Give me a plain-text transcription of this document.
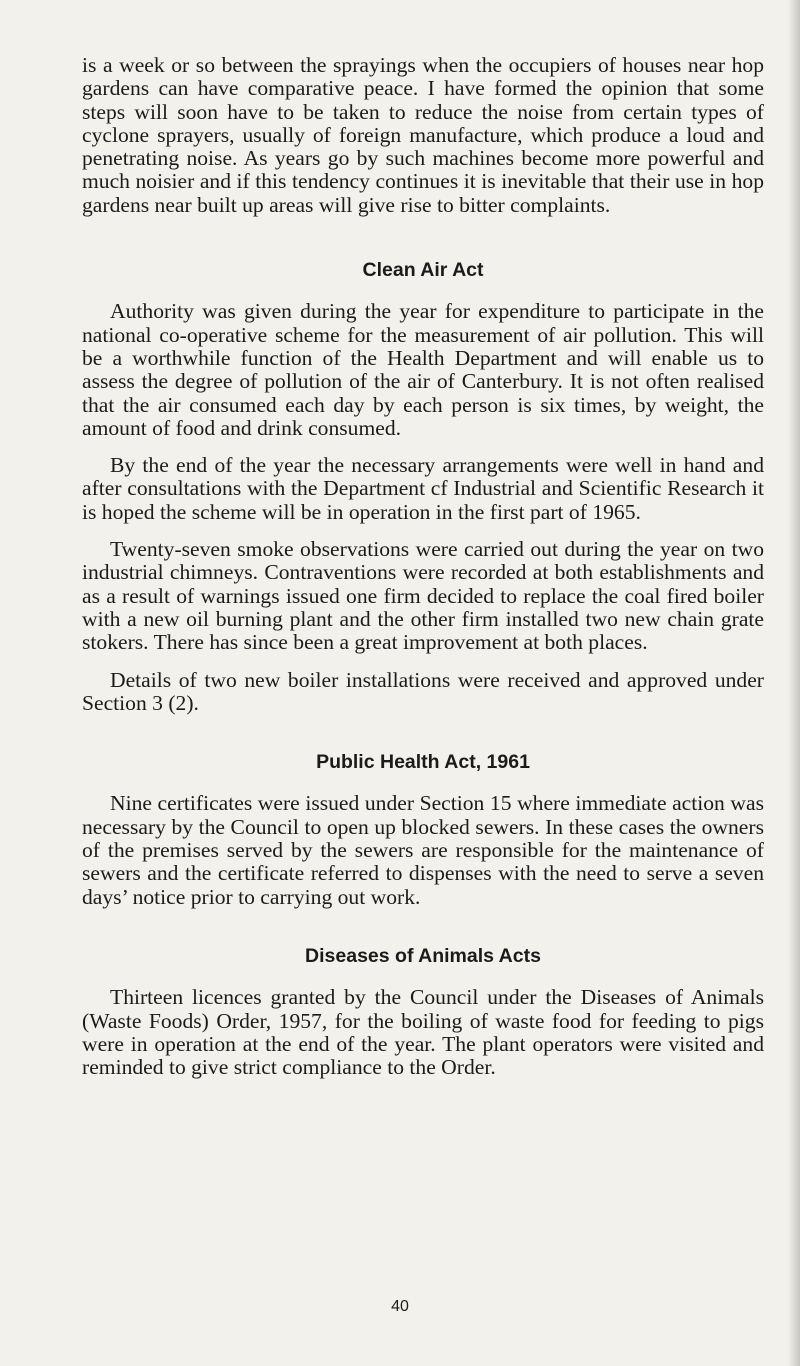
is a week or so between the sprayings when the occupiers of houses near hop gardens can have comparative peace. I have formed the opinion that some steps will soon have to be taken to reduce the noise from certain types of cyclone sprayers, usually of foreign manufacture, which produce a loud and penetrating noise. As years go by such machines become more powerful and much noisier and if this tendency continues it is inevitable that their use in hop gardens near built up areas will give rise to bitter complaints.

Clean Air Act

Authority was given during the year for expenditure to participate in the national co-operative scheme for the measurement of air pollution. This will be a worthwhile function of the Health Department and will enable us to assess the degree of pollution of the air of Canterbury. It is not often realised that the air consumed each day by each person is six times, by weight, the amount of food and drink consumed.

By the end of the year the necessary arrangements were well in hand and after consultations with the Department cf Industrial and Scientific Research it is hoped the scheme will be in operation in the first part of 1965.

Twenty-seven smoke observations were carried out during the year on two industrial chimneys. Contraventions were recorded at both establishments and as a result of warnings issued one firm decided to replace the coal fired boiler with a new oil burning plant and the other firm installed two new chain grate stokers. There has since been a great improvement at both places.

Details of two new boiler installations were received and approved under Section 3 (2).

Public Health Act, 1961

Nine certificates were issued under Section 15 where immediate action was necessary by the Council to open up blocked sewers. In these cases the owners of the premises served by the sewers are responsible for the maintenance of sewers and the certificate referred to dispenses with the need to serve a seven days’ notice prior to carrying out work.

Diseases of Animals Acts

Thirteen licences granted by the Council under the Diseases of Animals (Waste Foods) Order, 1957, for the boiling of waste food for feeding to pigs were in operation at the end of the year. The plant operators were visited and reminded to give strict compliance to the Order.

40
